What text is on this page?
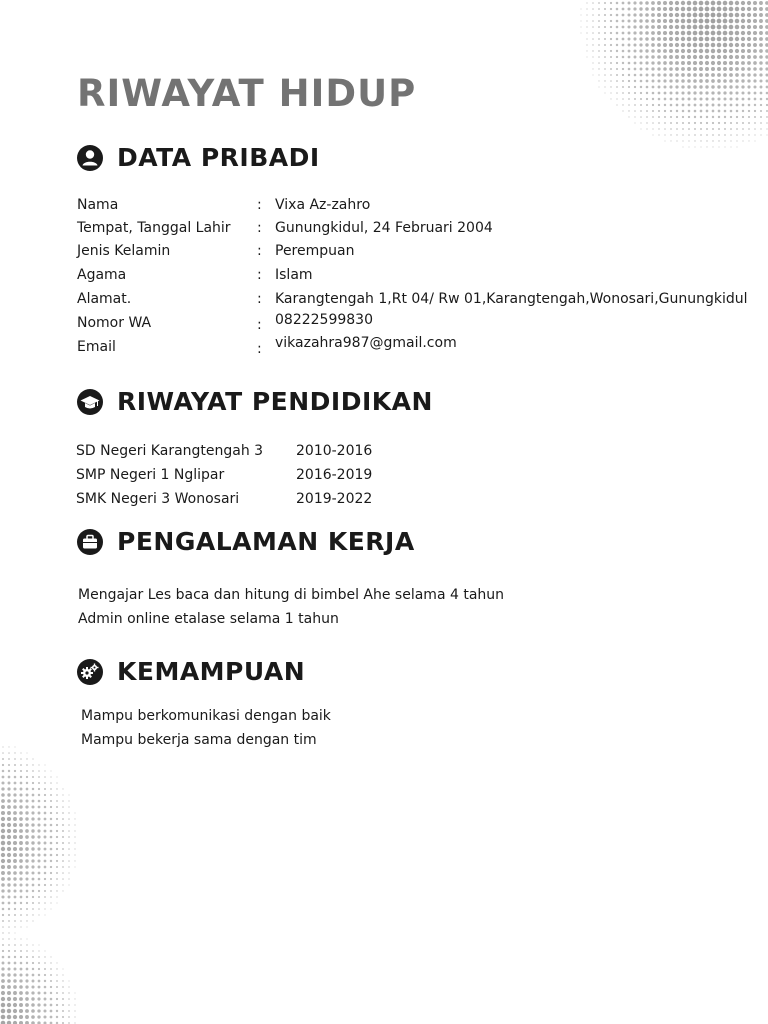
RIWAYAT HIDUP
DATA PRIBADI
Nama	: Vixa Az-zahro
Tempat, Tanggal Lahir : Gunungkidul, 24 Februari 2004
Jenis Kelamin	: Perempuan
Agama	: Islam
Alamat.	: Karangtengah 1,Rt 04/ Rw 01,Karangtengah,Wonosari,Gunungkidul
Nomor WA	: 08222599830
Email	: vikazahra987@gmail.com
RIWAYAT PENDIDIKAN
SD Negeri Karangtengah 3 2010-2016
SMP Negeri 1 Nglipar	2016-2019
SMK Negeri 3 Wonosari	2019-2022
PENGALAMAN KERJA
Mengajar Les baca dan hitung di bimbel Ahe selama 4 tahun
Admin online etalase selama 1 tahun
KEMAMPUAN
Mampu berkomunikasi dengan baik
Mampu bekerja sama dengan tim
